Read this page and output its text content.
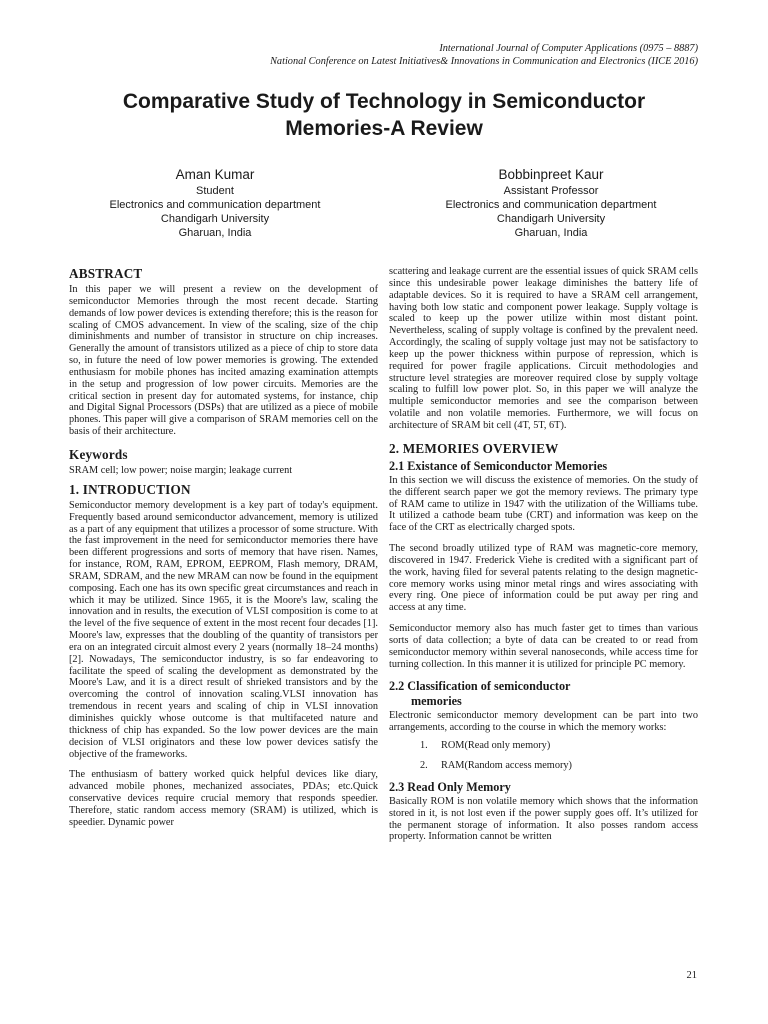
International Journal of Computer Applications (0975 – 8887)
National Conference on Latest Initiatives& Innovations in Communication and Electronics (IICE 2016)
Comparative Study of Technology in Semiconductor
Memories-A Review
Aman Kumar
Student
Electronics and communication department
Chandigarh University
Gharuan, India
Bobbinpreet Kaur
Assistant Professor
Electronics and communication department
Chandigarh University
Gharuan, India
ABSTRACT

In this paper we will present a review on the development of semiconductor Memories through the most recent decade. Starting demands of low power devices is extending therefore; this is the reason for scaling of CMOS advancement. In view of the scaling, size of the chip diminishments and number of transistor in structure on chip increases. Generally the amount of transistors utilized as a piece of chip to store data so, in future the need of low power memories is growing. The extended enthusiasm for mobile phones has incited amazing examination attempts in the setup and progression of low power circuits. Memories are the critical section in present day for automated systems, for instance, chip and Digital Signal Processors (DSPs) that are utilized as a piece of mobile phones. This paper will give a comparison of SRAM memories cell on the basis of their architecture.

Keywords

SRAM cell; low power; noise margin; leakage current

1. INTRODUCTION

Semiconductor memory development is a key part of today's equipment. Frequently based around semiconductor advancement, memory is utilized as a part of any equipment that utilizes a processor of some structure. With the fast improvement in the need for semiconductor memories there have been different progressions and sorts of memory that have risen. Names, for instance, ROM, RAM, EPROM, EEPROM, Flash memory, DRAM, SRAM, SDRAM, and the new MRAM can now be found in the equipment composing. Each one has its own specific great circumstances and reach in which it may be utilized. Since 1965, it is the Moore's law, scaling the innovation and in results, the execution of VLSI composition is come to at the level of the five sequence of extent in the most recent four decades [1]. Moore's law, expresses that the doubling of the quantity of transistors per era on an integrated circuit almost every 2 years (normally 18–24 months) [2]. Nowadays, The semiconductor industry, is so far endeavoring to facilitate the speed of scaling the development as demonstrated by the Moore's Law, and it is a direct result of shrieked transistors and by the overcoming the control of innovation scaling.VLSI innovation has tremendous in recent years and scaling of chip in VLSI innovation diminishes quickly whose outcome is that multifaceted nature and thickness of chip has expanded. So the low power devices are the main decision of VLSI originators and these low power devices satisfy the objective of the frameworks.

The enthusiasm of battery worked quick helpful devices like diary, advanced mobile phones, mechanized associates, PDAs; etc.Quick conservative devices require crucial memory that responds speedier. Therefore, static random access memory (SRAM) is utilized, which is speedier. Dynamic power

scattering and leakage current are the essential issues of quick SRAM cells since this undesirable power leakage diminishes the battery life of adaptable devices. So it is required to have a SRAM cell arrangement, having both low static and component power leakage. Supply voltage is scaled to keep up the power utilize within most distant point. Nevertheless, scaling of supply voltage is confined by the prevalent need. Accordingly, the scaling of supply voltage just may not be satisfactory to keep up the power thickness within purpose of repression, which is required for power fragile applications. Circuit methodologies and structure level strategies are moreover required close by supply voltage scaling to fulfill low power plot. So, in this paper we will analyze the multiple semiconductor memories and see the comparison between volatile and non volatile memories. Furthermore, we will focus on architecture of SRAM bit cell (4T, 5T, 6T).

2. MEMORIES OVERVIEW
2.1 Existance of Semiconductor Memories

In this section we will discuss the existence of memories. On the study of the different search paper we got the memory reviews. The primary type of RAM came to utilize in 1947 with the utilization of the Williams tube. It utilized a cathode beam tube (CRT) and information was keep on the face of the CRT as electrically charged spots.

The second broadly utilized type of RAM was magnetic-core memory, discovered in 1947. Frederick Viehe is credited with a significant part of the work, having filed for several patents relating to the design magnetic-core memory works using minor metal rings and wires associating with every ring. One piece of information could be put away per ring and access at any time.

Semiconductor memory also has much faster get to times than various sorts of data collection; a byte of data can be created to or read from semiconductor memory within several nanoseconds, while access time for turning collection. In this manner it is utilized for principle PC memory.

2.2 Classification of semiconductor
memories

Electronic semiconductor memory development can be part into two arrangements, according to the course in which the memory works:

1.	ROM(Read only memory)
2.	RAM(Random access memory)
2.3 Read Only Memory

Basically ROM is non volatile memory which shows that the information stored in it, is not lost even if the power supply goes off. It’s utilized for the permanent storage of information. It also posses random access property. Information cannot be written

21
